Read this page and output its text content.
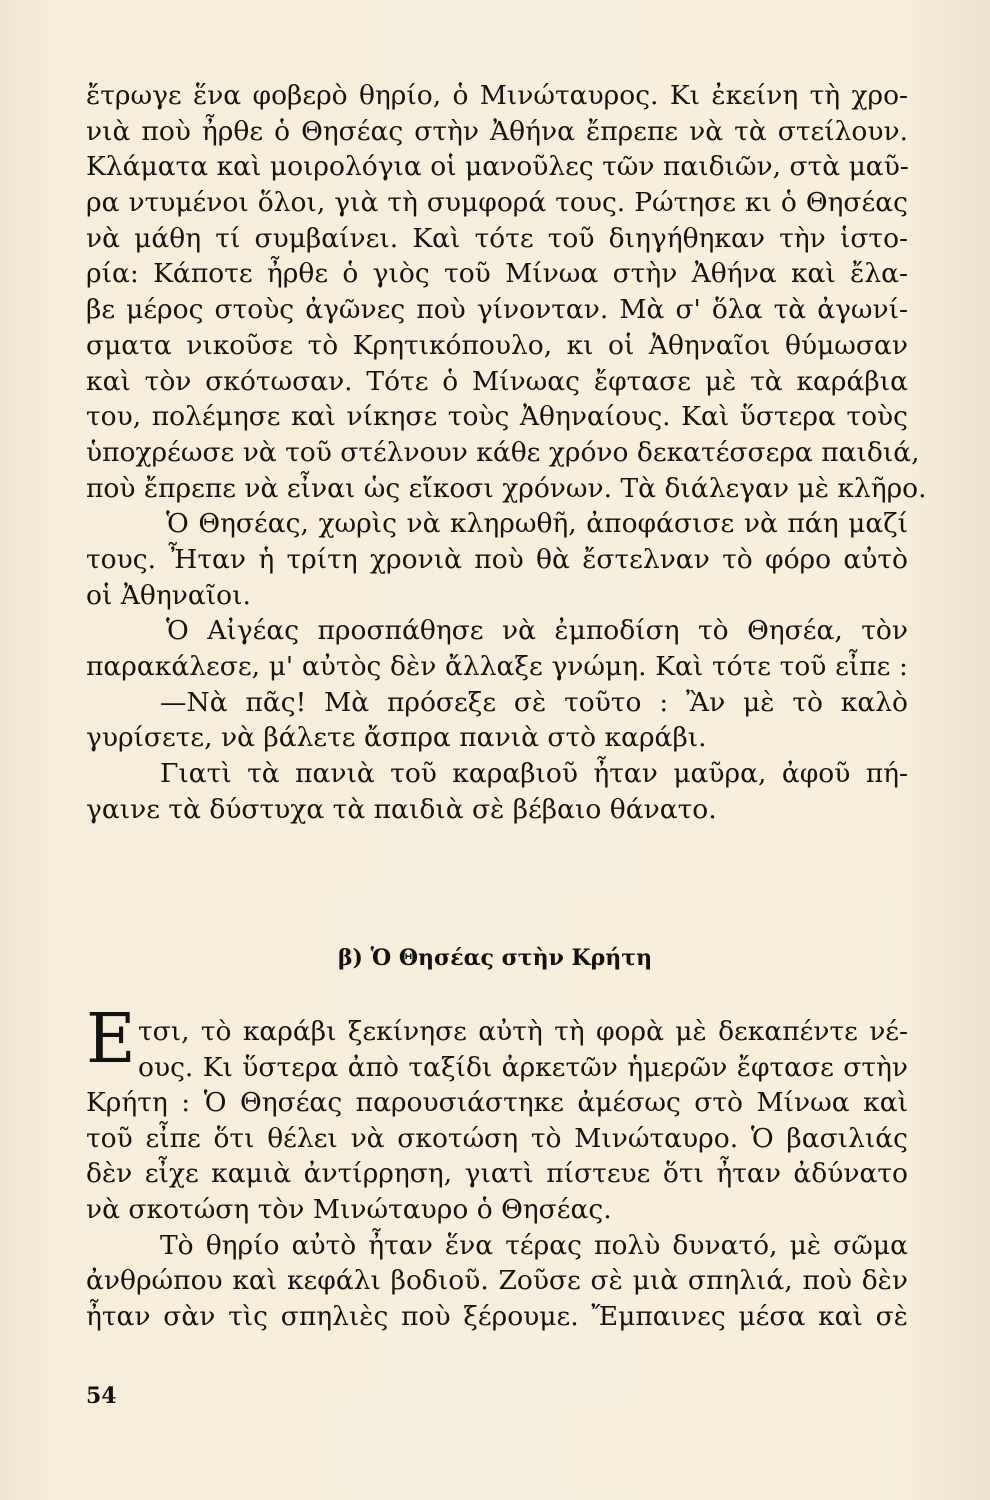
ἔτρωγε ἕνα φοβερὸ θηρίο, ὁ Μινώταυρος. Κι ἐκείνη τὴ χρο-
νιὰ ποὺ ἦρθε ὁ Θησέας στὴν Ἀθήνα ἔπρεπε νὰ τὰ στείλουν.
Κλάματα καὶ μοιρολόγια οἱ μανοῦλες τῶν παιδιῶν, στὰ μαῦ-
ρα ντυμένοι ὅλοι, γιὰ τὴ συμφορά τους. Ρώτησε κι ὁ Θησέας
νὰ μάθη τί συμβαίνει. Καὶ τότε τοῦ διηγήθηκαν τὴν ἱστο-
ρία: Κάποτε ἦρθε ὁ γιὸς τοῦ Μίνωα στὴν Ἀθήνα καὶ ἔλα-
βε μέρος στοὺς ἀγῶνες ποὺ γίνονταν. Μὰ σ' ὅλα τὰ ἀγωνί-
σματα νικοῦσε τὸ Κρητικόπουλο, κι οἱ Ἀθηναῖοι θύμωσαν
καὶ τὸν σκότωσαν. Τότε ὁ Μίνωας ἔφτασε μὲ τὰ καράβια
του, πολέμησε καὶ νίκησε τοὺς Ἀθηναίους. Καὶ ὕστερα τοὺς
ὑποχρέωσε νὰ τοῦ στέλνουν κάθε χρόνο δεκατέσσερα παιδιά,
ποὺ ἔπρεπε νὰ εἶναι ὡς εἴκοσι χρόνων. Τὰ διάλεγαν μὲ κλῆρο.
Ὁ Θησέας, χωρὶς νὰ κληρωθῆ, ἀποφάσισε νὰ πάη μαζί
τους. Ἦταν ἡ τρίτη χρονιὰ ποὺ θὰ ἔστελναν τὸ φόρο αὐτὸ
οἱ Ἀθηναῖοι.
Ὁ Αἰγέας προσπάθησε νὰ ἐμποδίση τὸ Θησέα, τὸν
παρακάλεσε, μ' αὐτὸς δὲν ἄλλαξε γνώμη. Καὶ τότε τοῦ εἶπε :
—Νὰ πᾶς! Μὰ πρόσεξε σὲ τοῦτο : Ἂν μὲ τὸ καλὸ
γυρίσετε, νὰ βάλετε ἄσπρα πανιὰ στὸ καράβι.
Γιατὶ τὰ πανιὰ τοῦ καραβιοῦ ἦταν μαῦρα, ἀφοῦ πή-
γαινε τὰ δύστυχα τὰ παιδιὰ σὲ βέβαιο θάνατο.
β) Ὁ Θησέας στὴν Κρήτη
Ε τσι, τὸ καράβι ξεκίνησε αὐτὴ τὴ φορὰ μὲ δεκαπέντε νέ-
ους. Κι ὕστερα ἀπὸ ταξίδι ἀρκετῶν ἡμερῶν ἔφτασε στὴν
Κρήτη : Ὁ Θησέας παρουσιάστηκε ἀμέσως στὸ Μίνωα καὶ
τοῦ εἶπε ὅτι θέλει νὰ σκοτώση τὸ Μινώταυρο. Ὁ βασιλιάς
δὲν εἶχε καμιὰ ἀντίρρηση, γιατὶ πίστευε ὅτι ἦταν ἀδύνατο
νὰ σκοτώση τὸν Μινώταυρο ὁ Θησέας.
Τὸ θηρίο αὐτὸ ἦταν ἕνα τέρας πολὺ δυνατό, μὲ σῶμα
ἀνθρώπου καὶ κεφάλι βοδιοῦ. Ζοῦσε σὲ μιὰ σπηλιά, ποὺ δὲν
ἦταν σὰν τὶς σπηλιὲς ποὺ ξέρουμε. Ἔμπαινες μέσα καὶ σὲ
54
